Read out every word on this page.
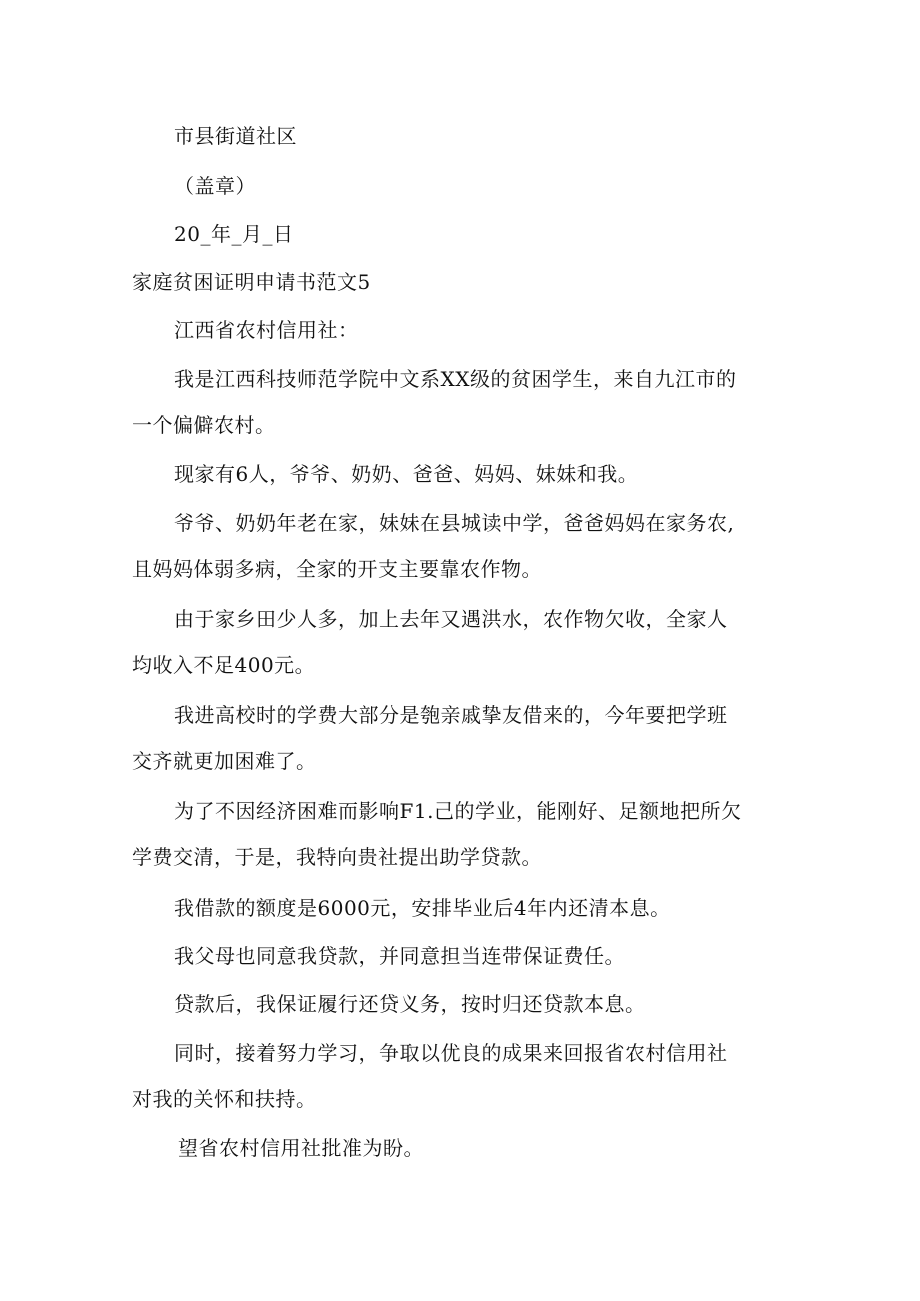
市县街道社区
（盖章）
20_年_月_日
家庭贫困证明申请书范文5
江西省农村信用社：
我是江西科技师范学院中文系XX级的贫困学生，来自九江市的一个偏僻农村。
现家有6人，爷爷、奶奶、爸爸、妈妈、妹妹和我。
爷爷、奶奶年老在家，妹妹在县城读中学，爸爸妈妈在家务农,且妈妈体弱多病，全家的开支主要靠农作物。
由于家乡田少人多，加上去年又遇洪水，农作物欠收，全家人均收入不足400元。
我进高校时的学费大部分是匏亲戚挚友借来的，今年要把学班交齐就更加困难了。
为了不因经济困难而影响F1.己的学业，能刚好、足额地把所欠学费交清，于是，我特向贵社提出助学贷款。
我借款的额度是6000元，安排毕业后4年内还清本息。
我父母也同意我贷款，并同意担当连带保证费任。
贷款后，我保证履行还贷义务，按时归还贷款本息。
同时，接着努力学习，争取以优良的成果来回报省农村信用社对我的关怀和扶持。
望省农村信用社批准为盼。
